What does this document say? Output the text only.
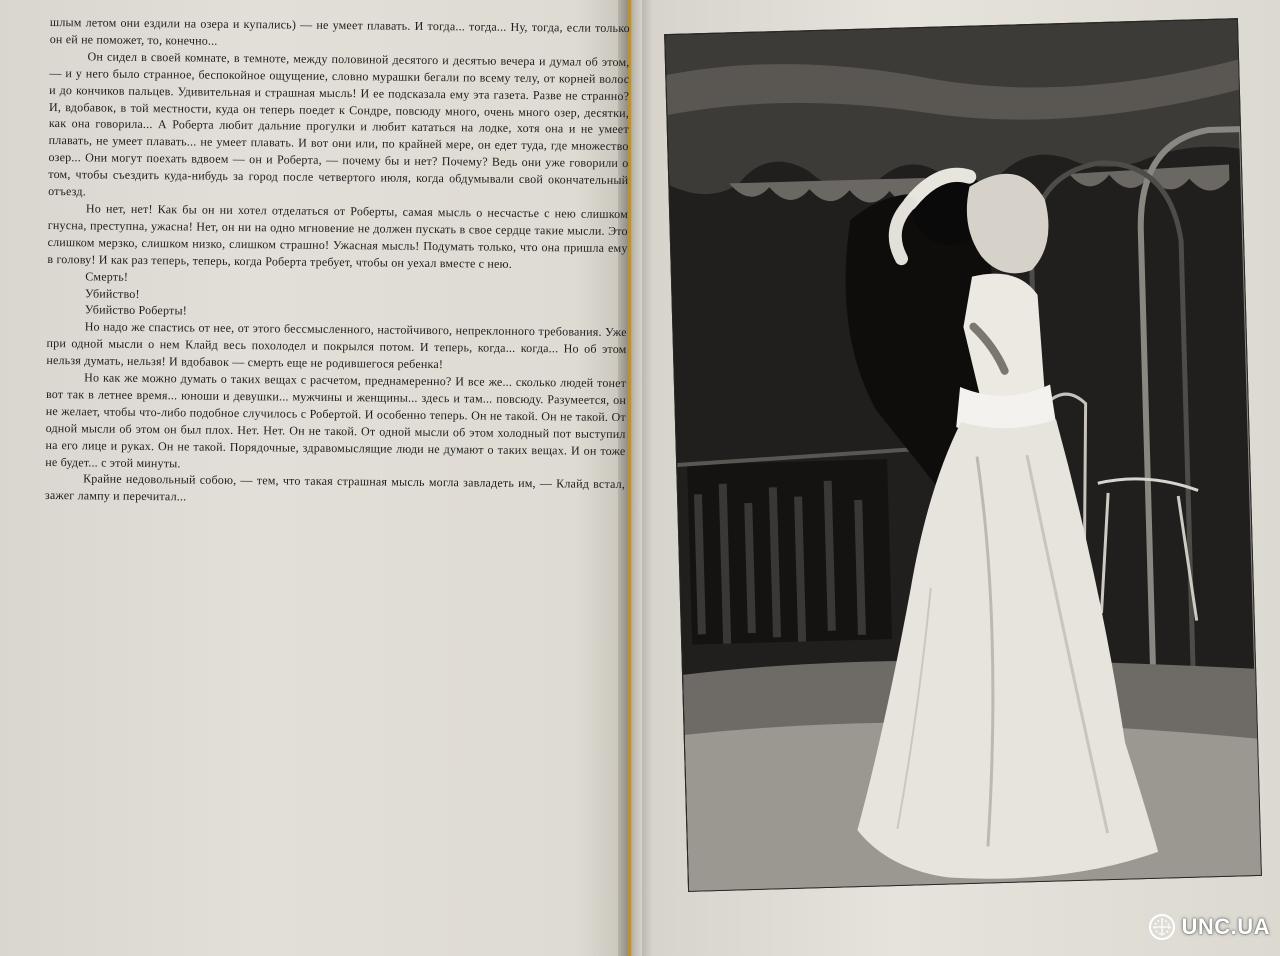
шлым летом они ездили на озера и купались) — не умеет плавать. И тогда... тогда... Ну, тогда, если только он ей не поможет, то, конечно...

Он сидел в своей комнате, в темноте, между половиной десятого и десятью вечера и думал об этом, — и у него было странное, беспокойное ощущение, словно мурашки бегали по всему телу, от корней волос и до кончиков пальцев. Удивительная и страшная мысль! И ее подсказала ему эта газета. Разве не странно? И, вдобавок, в той местности, куда он теперь поедет к Сондре, повсюду много, очень много озер, десятки, как она говорила... А Роберта любит дальние прогулки и любит кататься на лодке, хотя она и не умеет плавать, не умеет плавать... не умеет плавать. И вот они или, по крайней мере, он едет туда, где множество озер... Они могут поехать вдвоем — он и Роберта, — почему бы и нет? Почему? Ведь они уже говорили о том, чтобы съездить куда-нибудь за город после четвертого июля, когда обдумывали свой окончательный отъезд.

Но нет, нет! Как бы он ни хотел отделаться от Роберты, самая мысль о несчастье с нею слишком гнусна, преступна, ужасна! Нет, он ни на одно мгновение не должен пускать в свое сердце такие мысли. Это слишком мерзко, слишком низко, слишком страшно! Ужасная мысль! Подумать только, что она пришла ему в голову! И как раз теперь, теперь, когда Роберта требует, чтобы он уехал вместе с нею.

Смерть!

Убийство!

Убийство Роберты!

Но надо же спастись от нее, от этого бессмысленного, настойчивого, непреклонного требования. Уже при одной мысли о нем Клайд весь похолодел и покрылся потом. И теперь, когда... когда... Но об этом нельзя думать, нельзя! И вдобавок — смерть еще не родившегося ребенка!

Но как же можно думать о таких вещах с расчетом, преднамеренно? И все же... сколько людей тонет вот так в летнее время... юноши и девушки... мужчины и женщины... здесь и там... повсюду. Разумеется, он не желает, чтобы что-либо подобное случилось с Робертой. И особенно теперь. Он не такой. Он не такой. От одной мысли об этом он был плох. Нет. Нет. Он не такой. От одной мысли об этом холодный пот выступил на его лице и руках. Он не такой. Порядочные, здравомыслящие люди не думают о таких вещах. И он тоже не будет... с этой минуты.

Крайне недовольный собою, — тем, что такая страшная мысль могла завладеть им, — Клайд встал, зажег лампу и перечитал...

UNC.UA
